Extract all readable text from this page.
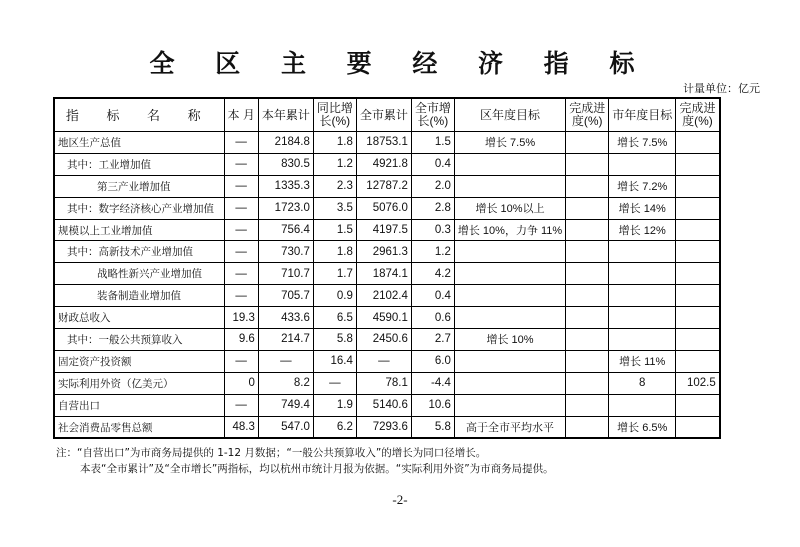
全 区 主 要 经 济 指 标
计量单位：亿元
指 标 名 称	本 月	本年累计	同比增长(%)	全市累计	全市增长(%)	区年度目标	完成进度(%)	市年度目标	完成进度(%)
地区生产总值	—	2184.8	1.8	18753.1	1.5	增长 7.5%		增长 7.5%	
其中：工业增加值	—	830.5	1.2	4921.8	0.4				
第三产业增加值	—	1335.3	2.3	12787.2	2.0			增长 7.2%	
其中：数字经济核心产业增加值	—	1723.0	3.5	5076.0	2.8	增长 10%以上		增长 14%	
规模以上工业增加值	—	756.4	1.5	4197.5	0.3	增长 10%，力争 11%		增长 12%	
其中：高新技术产业增加值	—	730.7	1.8	2961.3	1.2				
战略性新兴产业增加值	—	710.7	1.7	1874.1	4.2				
装备制造业增加值	—	705.7	0.9	2102.4	0.4				
财政总收入	19.3	433.6	6.5	4590.1	0.6				
其中：一般公共预算收入	9.6	214.7	5.8	2450.6	2.7	增长 10%			
固定资产投资额	—	—	16.4	—	6.0			增长 11%	
实际利用外资（亿美元）	0	8.2	—	78.1	-4.4			8	102.5
自营出口	—	749.4	1.9	5140.6	10.6				
社会消费品零售总额	48.3	547.0	6.2	7293.6	5.8	高于全市平均水平		增长 6.5%	
注：“自营出口”为市商务局提供的 1-12 月数据；“一般公共预算收入”的增长为同口径增长。
本表“全市累计”及“全市增长”两指标，均以杭州市统计月报为依据。“实际利用外资”为市商务局提供。
-2-
